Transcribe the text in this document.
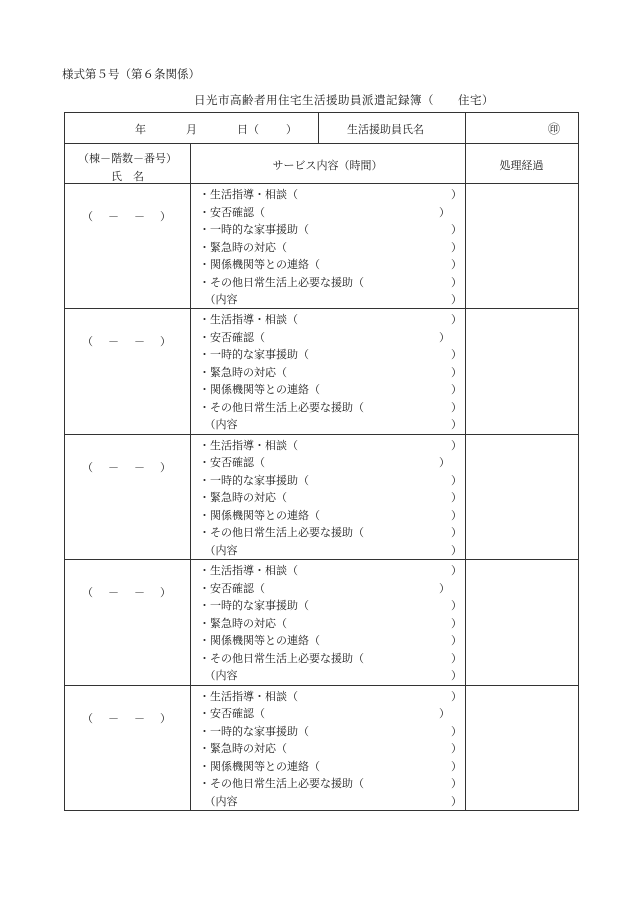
様式第５号（第６条関係）
日光市高齢者用住宅生活援助員派遣記録簿（ 住宅）
年	月	日（ ）	生活援助員氏名	㊞
（棟－階数－番号）
氏　名
サービス内容（時間）	処理経過
（　－　－　）
・生活指導・相談（	）
・安否確認（	）
・一時的な家事援助（	）
・緊急時の対応（	）
・関係機関等との連絡（	）
・その他日常生活上必要な援助（	）
　（内容	）
（　－　－　）
・生活指導・相談（	）
・安否確認（	）
・一時的な家事援助（	）
・緊急時の対応（	）
・関係機関等との連絡（	）
・その他日常生活上必要な援助（	）
　（内容	）
（　－　－　）
・生活指導・相談（	）
・安否確認（	）
・一時的な家事援助（	）
・緊急時の対応（	）
・関係機関等との連絡（	）
・その他日常生活上必要な援助（	）
　（内容	）
（　－　－　）
・生活指導・相談（	）
・安否確認（	）
・一時的な家事援助（	）
・緊急時の対応（	）
・関係機関等との連絡（	）
・その他日常生活上必要な援助（	）
　（内容	）
（　－　－　）
・生活指導・相談（	）
・安否確認（	）
・一時的な家事援助（	）
・緊急時の対応（	）
・関係機関等との連絡（	）
・その他日常生活上必要な援助（	）
　（内容	）
